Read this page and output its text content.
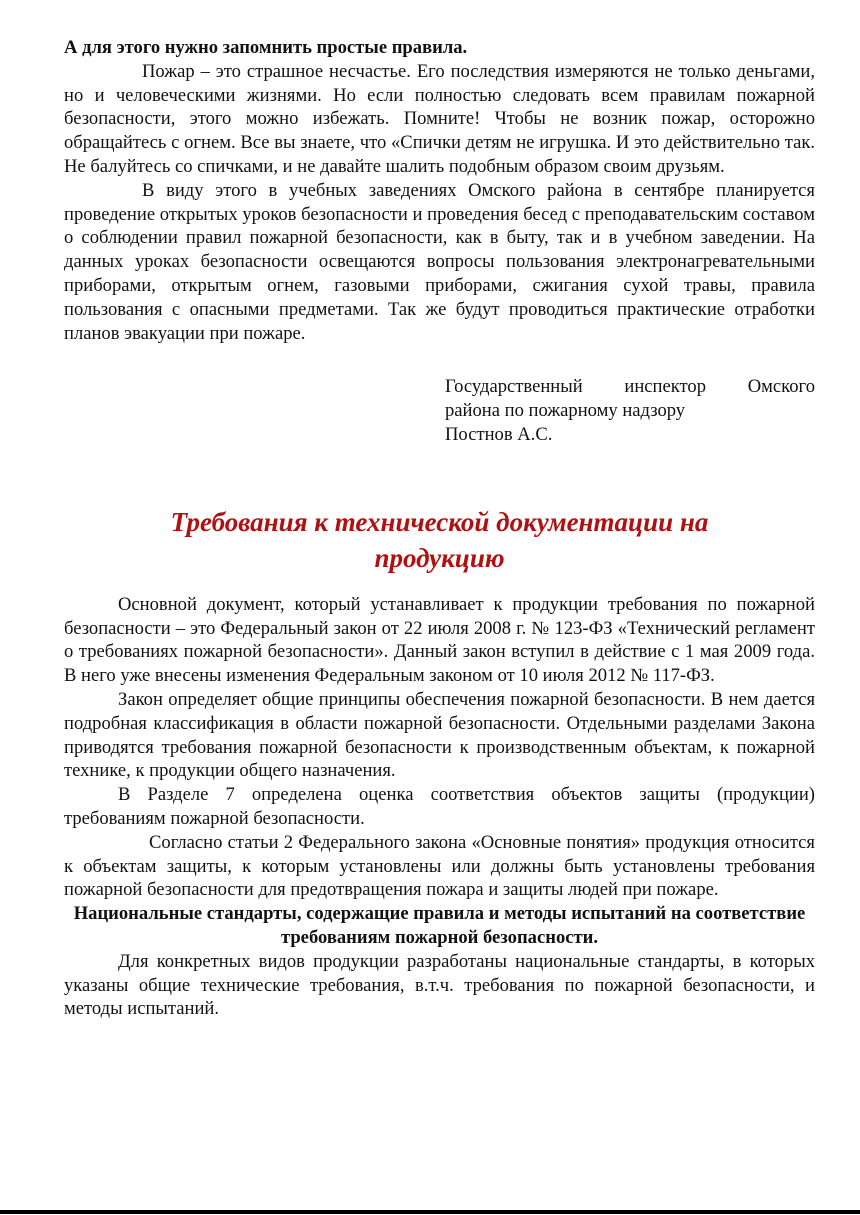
А для этого нужно запомнить простые правила.

Пожар – это страшное несчастье. Его последствия измеряются не только деньгами, но и человеческими жизнями. Но если полностью следовать всем правилам пожарной безопасности, этого можно избежать. Помните! Чтобы не возник пожар, осторожно обращайтесь с огнем. Все вы знаете, что «Спички детям не игрушка. И это действительно так. Не балуйтесь со спичками, и не давайте шалить подобным образом своим друзьям.

В виду этого в учебных заведениях Омского района в сентябре планируется проведение открытых уроков безопасности и проведения бесед с преподавательским составом о соблюдении правил пожарной безопасности, как в быту, так и в учебном заведении. На данных уроках безопасности освещаются вопросы пользования электронагревательными приборами, открытым огнем, газовыми приборами, сжигания сухой травы, правила пользования с опасными предметами. Так же будут проводиться практические отработки планов эвакуации при пожаре.

Государственный инспектор Омского

района по пожарному надзору

Постнов А.С.

Требования к технической документации на продукцию

Основной документ, который устанавливает к продукции требования по пожарной безопасности – это Федеральный закон от 22 июля 2008 г. № 123-ФЗ «Технический регламент о требованиях пожарной безопасности». Данный закон вступил в действие с 1 мая 2009 года. В него уже внесены изменения Федеральным законом от 10 июля 2012 № 117-ФЗ.

Закон определяет общие принципы обеспечения пожарной безопасности. В нем дается подробная классификация в области пожарной безопасности. Отдельными разделами Закона приводятся требования пожарной безопасности к производственным объектам, к пожарной технике, к продукции общего назначения.

В Разделе 7 определена оценка соответствия объектов защиты (продукции) требованиям пожарной безопасности.

Согласно статьи 2 Федерального закона «Основные понятия» продукция относится к объектам защиты, к которым установлены или должны быть установлены требования пожарной безопасности для предотвращения пожара и защиты людей при пожаре.

Национальные стандарты, содержащие правила и методы испытаний на соответствие требованиям пожарной безопасности.

Для конкретных видов продукции разработаны национальные стандарты, в которых указаны общие технические требования, в.т.ч. требования по пожарной безопасности, и методы испытаний.
